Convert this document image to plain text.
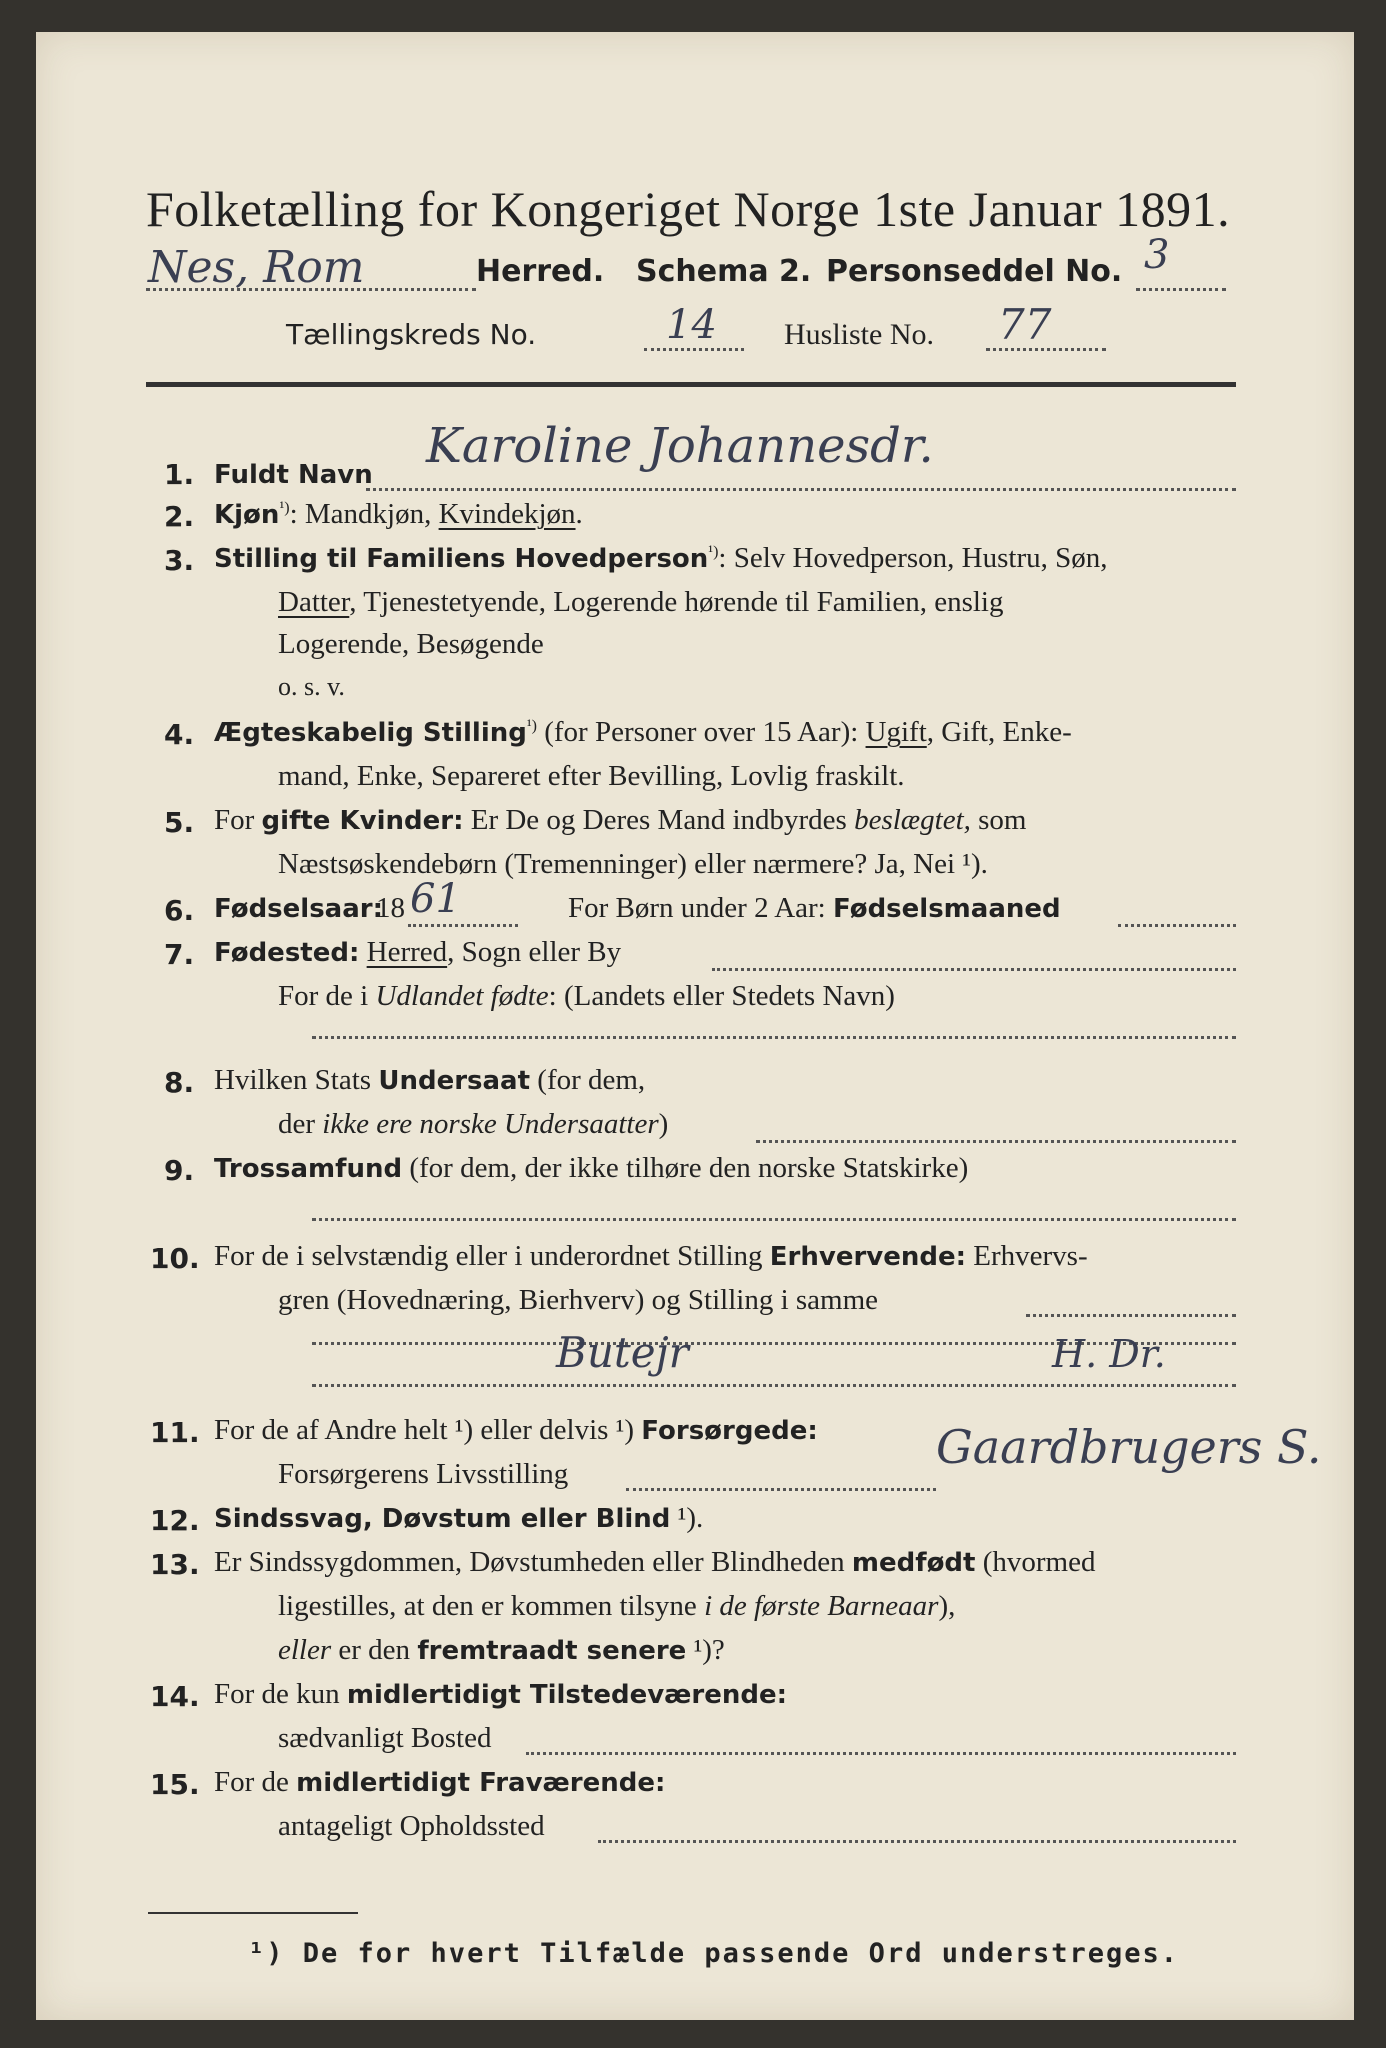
Folketælling for Kongeriget Norge 1ste Januar 1891.
Nes, Rom	Herred. Schema 2. Personseddel No. 3
Tællingskreds No.	14 Husliste No. 77
1. Fuldt Navn
Karoline Johannesdr.
2. Kjøn$^{^1)}$: Mandkjøn, Kvindekjøn.
3. Stilling til Familiens Hovedperson$^{^1)}$: Selv Hovedperson, Hustru, Søn,
Datter, Tjenestetyende, Logerende hørende til Familien, enslig
Logerende, Besøgende
o. s. v.
4. Ægteskabelig Stilling$^{^1)}$ (for Personer over 15 Aar): Ugift, Gift, Enke-
mand, Enke, Separeret efter Bevilling, Lovlig fraskilt.
5. For gifte Kvinder: Er De og Deres Mand indbyrdes beslægtet, som
Næstsøskendebørn (Tremenninger) eller nærmere? Ja, Nei ¹).
6. Fødselsaar:
18 61	For Børn under 2 Aar: Fødselsmaaned
7. Fødested: Herred, Sogn eller By
For de i Udlandet fødte: (Landets eller Stedets Navn)
8. Hvilken Stats Undersaat (for dem,
der ikke ere norske Undersaatter)
9. Trossamfund (for dem, der ikke tilhøre den norske Statskirke)
10. For de i selvstændig eller i underordnet Stilling Erhvervende: Erhvervs-
gren (Hovednæring, Bierhverv) og Stilling i samme
Butejr	H. Dr.
11. For de af Andre helt ¹) eller delvis ¹) Forsørgede:
Forsørgerens Livsstilling	Gaardbrugers S.
12. Sindssvag, Døvstum eller Blind ¹).
13. Er Sindssygdommen, Døvstumheden eller Blindheden medfødt (hvormed
ligestilles, at den er kommen tilsyne i de første Barneaar),
eller er den fremtraadt senere ¹)?
14. For de kun midlertidigt Tilstedeværende:
sædvanligt Bosted
15. For de midlertidigt Fraværende:
antageligt Opholdssted
¹) De for hvert Tilfælde passende Ord understreges.
